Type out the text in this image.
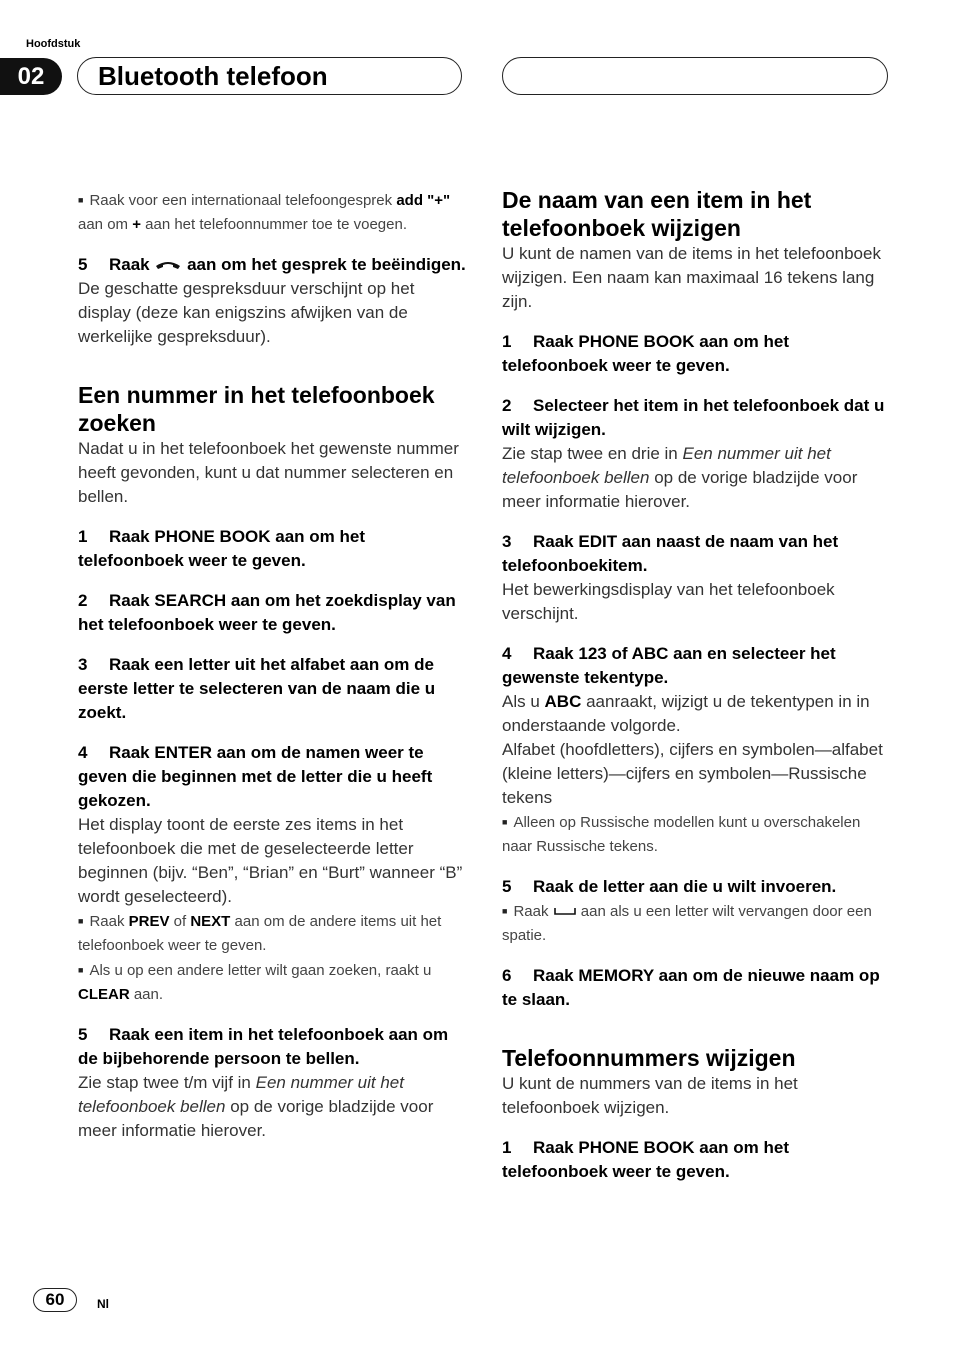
Hoofdstuk
02	Bluetooth telefoon

■ Raak voor een internationaal telefoongesprek add "+" aan om + aan het telefoonnummer toe te voegen.

5 Raak  aan om het gesprek te beëindigen.

De geschatte gespreksduur verschijnt op het display (deze kan enigszins afwijken van de werkelijke gespreksduur).

Een nummer in het telefoonboek zoeken

Nadat u in het telefoonboek het gewenste nummer heeft gevonden, kunt u dat nummer selecteren en bellen.

1 Raak PHONE BOOK aan om het telefoonboek weer te geven.

2 Raak SEARCH aan om het zoekdisplay van het telefoonboek weer te geven.

3 Raak een letter uit het alfabet aan om de eerste letter te selecteren van de naam die u zoekt.

4 Raak ENTER aan om de namen weer te geven die beginnen met de letter die u heeft gekozen.

Het display toont de eerste zes items in het telefoonboek die met de geselecteerde letter beginnen (bijv. “Ben”, “Brian” en “Burt” wanneer “B” wordt geselecteerd).

■ Raak PREV of NEXT aan om de andere items uit het telefoonboek weer te geven.

■ Als u op een andere letter wilt gaan zoeken, raakt u CLEAR aan.

5 Raak een item in het telefoonboek aan om de bijbehorende persoon te bellen.

Zie stap twee t/m vijf in Een nummer uit het telefoonboek bellen op de vorige bladzijde voor meer informatie hierover.

De naam van een item in het telefoonboek wijzigen

U kunt de namen van de items in het telefoonboek wijzigen. Een naam kan maximaal 16 tekens lang zijn.

1 Raak PHONE BOOK aan om het telefoonboek weer te geven.

2 Selecteer het item in het telefoonboek dat u wilt wijzigen.

Zie stap twee en drie in Een nummer uit het telefoonboek bellen op de vorige bladzijde voor meer informatie hierover.

3 Raak EDIT aan naast de naam van het telefoonboekitem.

Het bewerkingsdisplay van het telefoonboek verschijnt.

4 Raak 123 of ABC aan en selecteer het gewenste tekentype.

Als u ABC aanraakt, wijzigt u de tekentypen in in onderstaande volgorde.

Alfabet (hoofdletters), cijfers en symbolen—alfabet (kleine letters)—cijfers en symbolen—Russische tekens

■ Alleen op Russische modellen kunt u overschakelen naar Russische tekens.

5 Raak de letter aan die u wilt invoeren.

■ Raak  aan als u een letter wilt vervangen door een spatie.

6 Raak MEMORY aan om de nieuwe naam op te slaan.

Telefoonnummers wijzigen

U kunt de nummers van de items in het telefoonboek wijzigen.

1 Raak PHONE BOOK aan om het telefoonboek weer te geven.

60	Nl
